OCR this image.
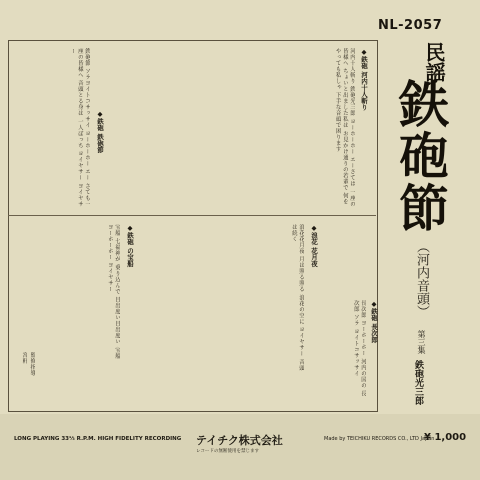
NL-2057
民謡
鉄砲節
（河内音頭）
第三集
鉄砲光三郎
◆鉄砲 河内十人斬り
河内十人斬り 鉄砲光三郎 ヨーホーホー エーさては 一座の皆様へ ちょいと出ました私は お見かけ通りの若輩で 何をやっても私しゃ 下手な音頭で困ります
◆鉄砲 鉄砲節
鉄砲節 ソラヨイトコサッサイ ヨーホーホー エー さても一座の皆様へ 音頭とる身は 一人ぼっち ヨイヤサー ヨイヤサー
◆鉄砲 の宝船
宝船 七福神が 乗り込んで 目出度い目出度い 宝船 ヨーホーホー ヨイヤサー	◆浪花 花月夜
浪花花月夜 月は照る照る 浪花の空に ヨイヤサー 音頭は続く
◆鉄砲 長次郎
長次郎 ヨーホーホー 河内の国の 長次郎 ソラ ヨイトコサッサイ
監修指導
宮軒
LONG PLAYING 33⅓ R.P.M. HIGH FIDELITY RECORDING テイチク株式会社
レコードの無断使用を禁じます
Made by TEICHIKU RECORDS CO., LTD Japan
¥ 1,000
